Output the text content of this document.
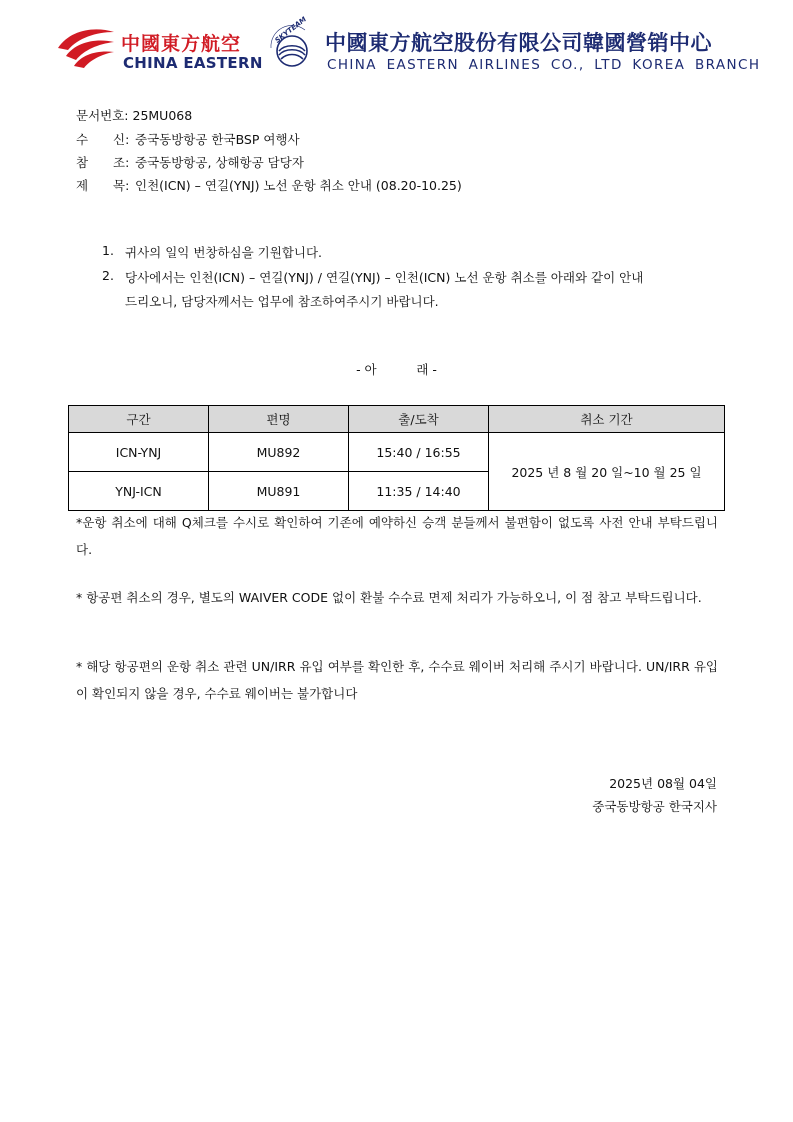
中國東方航空
CHINA EASTERN
SKYTEAM 中國東方航空股份有限公司韓國營销中心
CHINA EASTERN AIRLINES CO., LTD KOREA BRANCH
문서번호: 25MU068
수 신: 중국동방항공 한국BSP 여행사
참 조: 중국동방항공, 상해항공 담당자
제 목: 인천(ICN) – 연길(YNJ) 노선 운항 취소 안내 (08.20-10.25)
1. 귀사의 일익 번창하심을 기원합니다.
2. 당사에서는 인천(ICN) – 연길(YNJ) / 연길(YNJ) – 인천(ICN) 노선 운항 취소를 아래와 같이 안내
드리오니, 담당자께서는 업무에 참조하여주시기 바랍니다.
- 아          래 -
구간	편명	출/도착	취소 기간
ICN-YNJ	MU892	15:40 / 16:55	2025 년 8 월 20 일~10 월 25 일
YNJ-ICN	MU891	11:35 / 14:40	
*운항 취소에 대해 Q체크를 수시로 확인하여 기존에 예약하신 승객 분들께서 불편함이 없도록 사전 안내 부탁드립니다.
* 항공편 취소의 경우, 별도의 WAIVER CODE 없이 환불 수수료 면제 처리가 가능하오니, 이 점 참고 부탁드립니다.
* 해당 항공편의 운항 취소 관련 UN/IRR 유입 여부를 확인한 후, 수수료 웨이버 처리해 주시기 바랍니다. UN/IRR 유입이 확인되지 않을 경우, 수수료 웨이버는 불가합니다
2025년 08월 04일
중국동방항공 한국지사
